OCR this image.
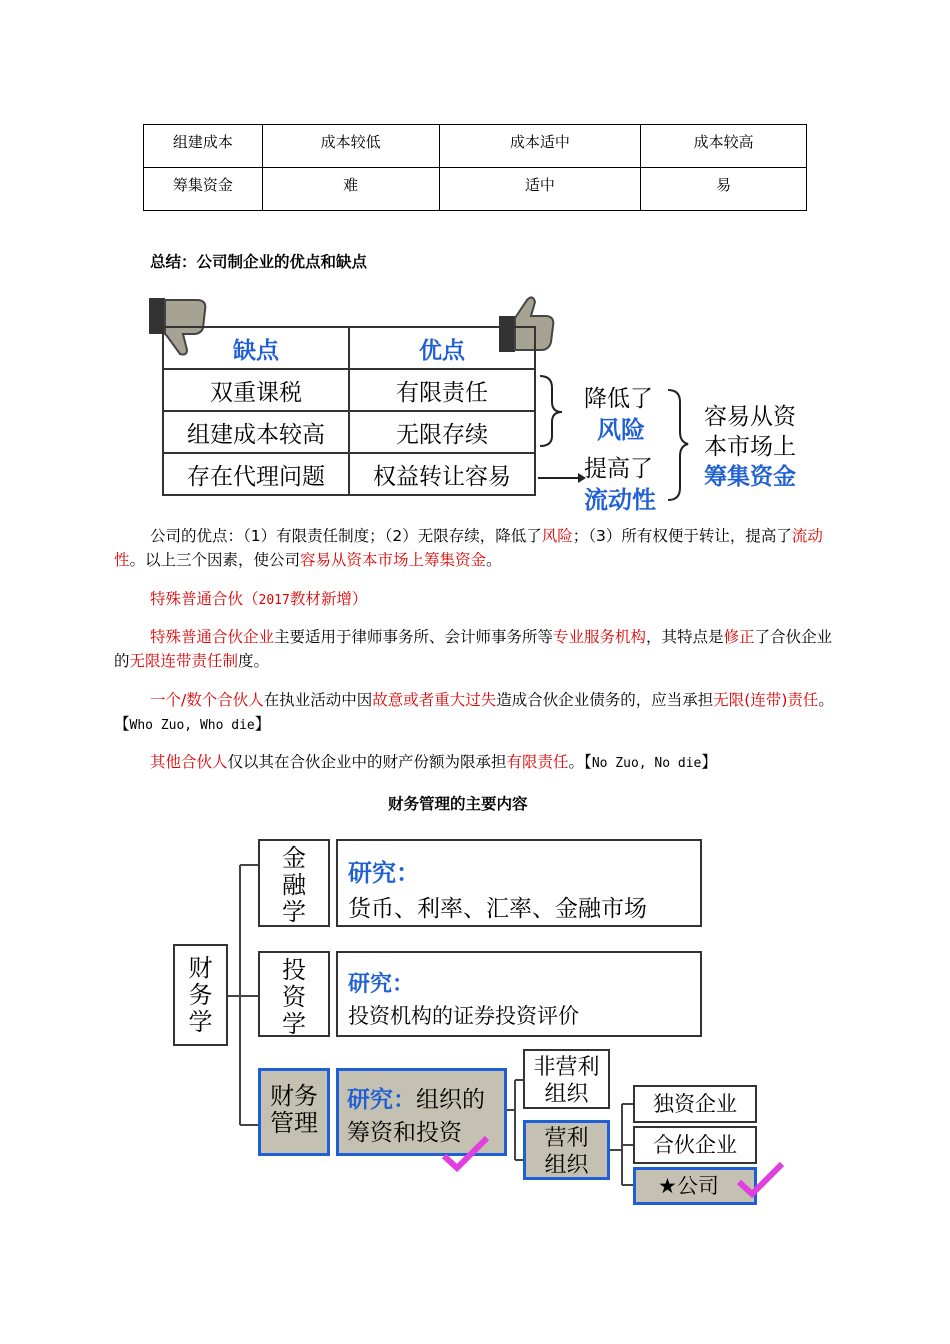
组建成本	成本较低	成本适中	成本较高
筹集资金	难	适中	易
总结：公司制企业的优点和缺点
缺点	优点
双重课税	有限责任
组建成本较高	无限存续
存在代理问题	权益转让容易
降低了
风险
提高了
流动性
容易从资
本市场上
筹集资金
公司的优点：（1）有限责任制度；（2）无限存续，降低了风险；（3）所有权便于转让，提高了流动性。以上三个因素，使公司容易从资本市场上筹集资金。
特殊普通合伙（2017教材新增）
特殊普通合伙企业主要适用于律师事务所、会计师事务所等专业服务机构，其特点是修正了合伙企业的无限连带责任制度。
一个/数个合伙人在执业活动中因故意或者重大过失造成合伙企业债务的，应当承担无限(连带)责任。【Who Zuo, Who die】
其他合伙人仅以其在合伙企业中的财产份额为限承担有限责任。【No Zuo, No die】
财务管理的主要内容
财
务
学
金
融
学
研究：
货币、利率、汇率、金融市场
投
资
学
研究：
投资机构的证券投资评价
财务
管理
研究：组织的
筹资和投资
非营利
组织
营利
组织
独资企业
合伙企业
★公司
